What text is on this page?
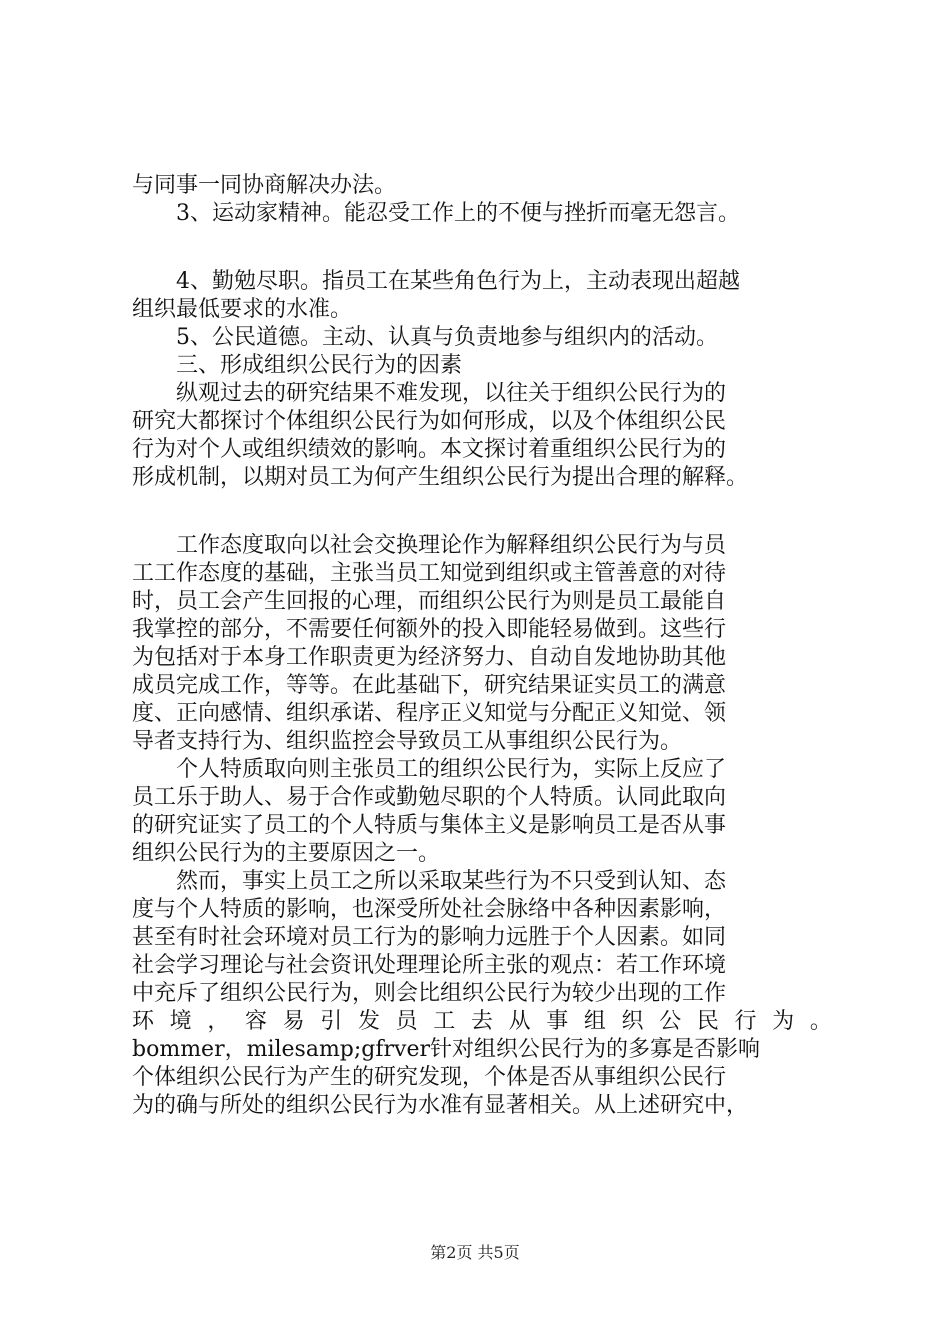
与同事一同协商解决办法。
3、运动家精神。能忍受工作上的不便与挫折而毫无怨言。
4、勤勉尽职。指员工在某些角色行为上，主动表现出超越
组织最低要求的水准。
5、公民道德。主动、认真与负责地参与组织内的活动。
三、形成组织公民行为的因素
纵观过去的研究结果不难发现，以往关于组织公民行为的
研究大都探讨个体组织公民行为如何形成，以及个体组织公民
行为对个人或组织绩效的影响。本文探讨着重组织公民行为的
形成机制，以期对员工为何产生组织公民行为提出合理的解释。
工作态度取向以社会交换理论作为解释组织公民行为与员
工工作态度的基础，主张当员工知觉到组织或主管善意的对待
时，员工会产生回报的心理，而组织公民行为则是员工最能自
我掌控的部分，不需要任何额外的投入即能轻易做到。这些行
为包括对于本身工作职责更为经济努力、自动自发地协助其他
成员完成工作，等等。在此基础下，研究结果证实员工的满意
度、正向感情、组织承诺、程序正义知觉与分配正义知觉、领
导者支持行为、组织监控会导致员工从事组织公民行为。
个人特质取向则主张员工的组织公民行为，实际上反应了
员工乐于助人、易于合作或勤勉尽职的个人特质。认同此取向
的研究证实了员工的个人特质与集体主义是影响员工是否从事
组织公民行为的主要原因之一。
然而，事实上员工之所以采取某些行为不只受到认知、态
度与个人特质的影响，也深受所处社会脉络中各种因素影响，
甚至有时社会环境对员工行为的影响力远胜于个人因素。如同
社会学习理论与社会资讯处理理论所主张的观点：若工作环境
中充斥了组织公民行为，则会比组织公民行为较少出现的工作
环 境 ， 容 易 引 发 员 工 去 从 事 组 织 公 民 行 为 。
bommer，milesamp;gfrver针对组织公民行为的多寡是否影响
个体组织公民行为产生的研究发现，个体是否从事组织公民行
为的确与所处的组织公民行为水准有显著相关。从上述研究中，
第2页 共5页
